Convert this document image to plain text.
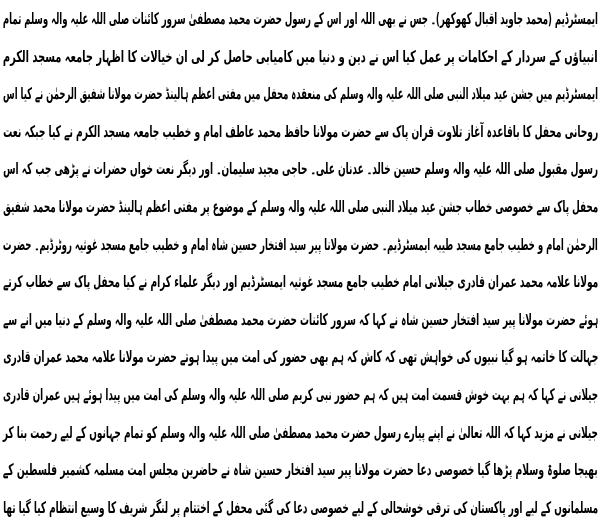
ایمسٹرڈیم (محمد جاوید اقبال کھوکھر)۔ جس نے بھی اللہ اور اس کے رسول حضرت محمد مصطفیٰ سرور کائنات صلی اللہ علیہ والہ وسلم تمام
انبیاؤں کے سردار کے احکامات پر عمل کیا اس نے دین و دنیا میں کامیابی حاصل کر لی ان خیالات کا اظہار جامعہ مسجد الکرم
ایمسٹرڈیم میں جشن عید میلاد النبی صلی اللہ علیہ والہ وسلم کی منعقدہ محفل میں مفتی اعظم ہالینڈ حضرت مولانا شفیق الرحمٰن نے کیا اس
روحانی محفل کا باقاعدہ آغاز تلاوت قران پاک سے حضرت مولانا حافظ محمد عاطف امام و خطیب جامعہ مسجد الکرم نے کیا جبکہ نعت
رسول مقبول صلی اللہ علیہ والہ وسلم حسین خالد۔ عدنان علی۔ حاجی مجید سلیمان۔ اور دیگر نعت خواں حضرات نے پڑھی جب کہ اس
محفل پاک سے خصوصی خطاب جشن عید میلاد النبی صلی اللہ علیہ والہ وسلم کے موضوع پر مفتی اعظم ہالینڈ حضرت مولانا محمد شفیق
الرحمٰن امام و خطیب جامع مسجد طیبہ ایمسٹرڈیم۔ حضرت مولانا پیر سید افتخار حسین شاہ امام و خطیب جامع مسجد غوثیہ روٹرڈیم۔ حضرت
مولانا علامہ محمد عمران قادری جیلانی امام خطیب جامع مسجد غوثیہ ایمسٹرڈیم اور دیگر علماء کرام نے کیا محفل پاک سے خطاب کرتے
ہوئے حضرت مولانا پیر سید افتخار حسین شاہ نے کہا کہ سرور کائنات حضرت محمد مصطفیٰ صلی اللہ علیہ والہ وسلم کے دنیا میں انے سے
جہالت کا خاتمہ ہو گیا نبیوں کی خواہش تھی کہ کاش کہ ہم بھی حضور کی امت میں پیدا ہوتے حضرت مولانا علامہ محمد عمران قادری
جیلانی نے کہا کہ ہم بہت خوش قسمت امت ہیں کہ ہم حضور نبی کریم صلی اللہ علیہ والہ وسلم کی امت میں پیدا ہوئے ہیں عمران قادری
جیلانی نے مزید کہا کہ اللہ تعالیٰ نے اپنے پیارے رسول حضرت محمد مصطفیٰ صلی اللہ علیہ والہ وسلم کو تمام جہانوں کے لیے رحمت بنا کر
بھیجا صلوۃ وسلام پڑھا گیا خصوصی دعا حضرت مولانا پیر سید افتخار حسین شاہ نے حاضرین مجلس امت مسلمہ کشمیر فلسطین کے
مسلمانوں کے لیے اور پاکستان کی ترقی خوشحالی کے لیے خصوصی دعا کی گئی محفل کے اختتام پر لنگر شریف کا وسیع انتظام کیا گیا تھا
